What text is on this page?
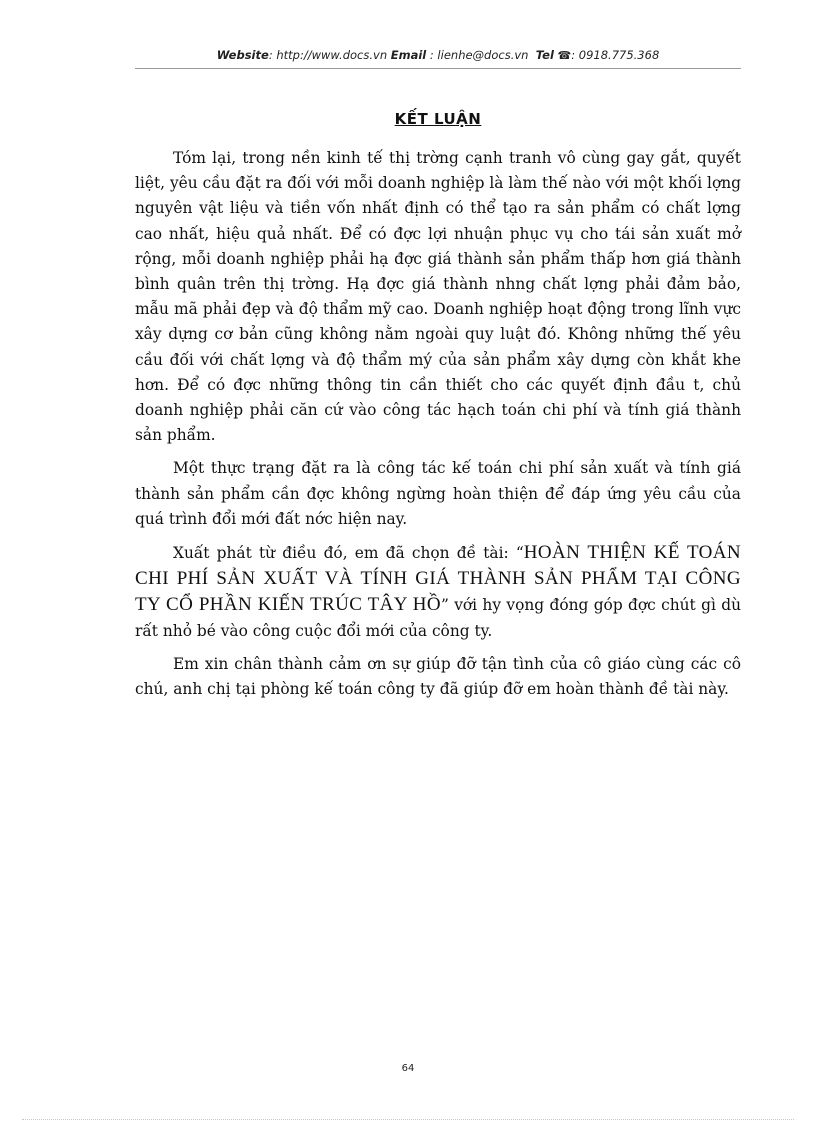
Website: http://www.docs.vn Email : lienhe@docs.vn Tel ☎: 0918.775.368
KẾT LUẬN

Tóm lại, trong nền kinh tế thị trờng cạnh tranh vô cùng gay gắt, quyết liệt, yêu cầu đặt ra đối với mỗi doanh nghiệp là làm thế nào với một khối lợng nguyên vật liệu và tiền vốn nhất định có thể tạo ra sản phẩm có chất lợng cao nhất, hiệu quả nhất. Để có đợc lợi nhuận phục vụ cho tái sản xuất mở rộng, mỗi doanh nghiệp phải hạ đợc giá thành sản phẩm thấp hơn giá thành bình quân trên thị trờng. Hạ đợc giá thành nhng chất lợng phải đảm bảo, mẫu mã phải đẹp và độ thẩm mỹ cao. Doanh nghiệp hoạt động trong lĩnh vực xây dựng cơ bản cũng không nằm ngoài quy luật đó. Không những thế yêu cầu đối với chất lợng và độ thẩm mý của sản phẩm xây dựng còn khắt khe hơn. Để có đợc những thông tin cần thiết cho các quyết định đầu t, chủ doanh nghiệp phải căn cứ vào công tác hạch toán chi phí và tính giá thành sản phẩm.

Một thực trạng đặt ra là công tác kế toán chi phí sản xuất và tính giá thành sản phẩm cần đợc không ngừng hoàn thiện để đáp ứng yêu cầu của quá trình đổi mới đất nớc hiện nay.

Xuất phát từ điều đó, em đã chọn đề tài: “HOÀN THIỆN KẾ TOÁN CHI PHÍ SẢN XUẤT VÀ TÍNH GIÁ THÀNH SẢN PHẨM TẠI CÔNG TY CỔ PHẦN KIẾN TRÚC TÂY HỒ” với hy vọng đóng góp đợc chút gì dù rất nhỏ bé vào công cuộc đổi mới của công ty.

Em xin chân thành cảm ơn sự giúp đỡ tận tình của cô giáo cùng các cô chú, anh chị tại phòng kế toán công ty đã giúp đỡ em hoàn thành đề tài này.

64
